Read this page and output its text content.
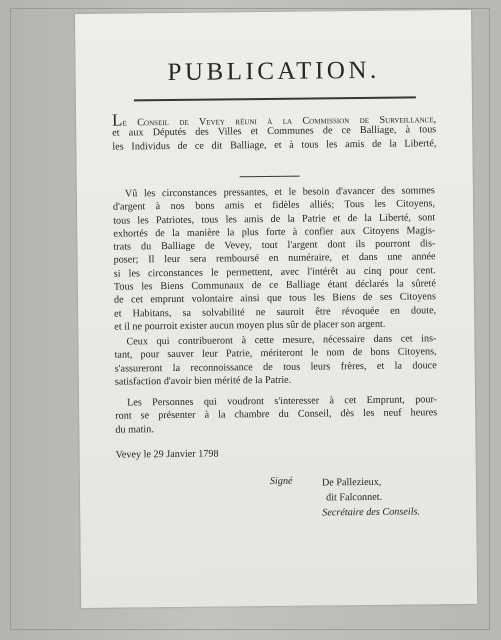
PUBLICATION.
Le Conseil de Vevey réuni à la Commission de Surveillance,
et aux Députés des Villes et Communes de ce Balliage, à tous
les Individus de ce dit Balliage, et à tous les amis de la Liberté,
Vû les circonstances pressantes, et le besoin d'avancer des sommes
d'argent à nos bons amis et fidèles alliés; Tous les Citoyens,
tous les Patriotes, tous les amis de la Patrie et de la Liberté, sont
exhortés de la manière la plus forte à confier aux Citoyens Magis-
trats du Balliage de Vevey, tout l'argent dont ils pourront dis-
poser; Il leur sera remboursé en numéraire, et dans une année
si les circonstances le permettent, avec l'intérêt au cinq pour cent.
Tous les Biens Communaux de ce Balliage étant déclarés la sûreté
de cet emprunt volontaire ainsi que tous les Biens de ses Citoyens
et Habitans, sa solvabilité ne sauroit être révoquée en doute,
et il ne pourroit exister aucun moyen plus sûr de placer son argent.
Ceux qui contribueront à cette mesure, nécessaire dans cet ins-
tant, pour sauver leur Patrie, mériteront le nom de bons Citoyens,
s'assureront la reconnoissance de tous leurs frères, et la douce
satisfaction d'avoir bien mérité de la Patrie.
Les Personnes qui voudront s'interesser à cet Emprunt, pour-
ront se présenter à la chambre du Conseil, dès les neuf heures
du matin.
Vevey le 29 Janvier 1798
Signé	De Pallezieux,
dit Falconnet.
Secrétaire des Conseils.
